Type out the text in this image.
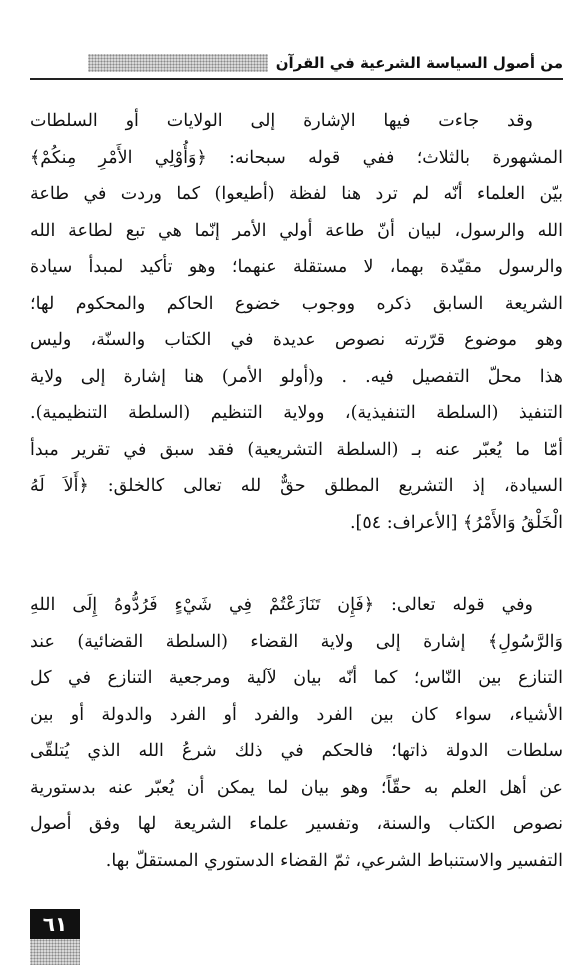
من أصول السياسة الشرعية في القرآن
وقد جاءت فيها الإشارة إلى الولايات أو السلطات
المشهورة بالثلاث؛ ففي قوله سبحانه: ﴿وَأُوْلِي الأَمْرِ مِنكُمْ﴾
بيّن العلماء أنّه لم ترد هنا لفظة (أطيعوا) كما وردت في طاعة
الله والرسول، لبيان أنّ طاعة أولي الأمر إنّما هي تبع لطاعة الله
والرسول مقيّدة بهما، لا مستقلة عنهما؛ وهو تأكيد لمبدأ سيادة
الشريعة السابق ذكره ووجوب خضوع الحاكم والمحكوم لها؛
وهو موضوع قرّرته نصوص عديدة في الكتاب والسنّة، وليس
هذا محلّ التفصيل فيه. . و(أولو الأمر) هنا إشارة إلى ولاية
التنفيذ (السلطة التنفيذية)، وولاية التنظيم (السلطة التنظيمية).
أمّا ما يُعبّر عنه بـ (السلطة التشريعية) فقد سبق في تقرير مبدأ
السيادة، إذ التشريع المطلق حقٌّ لله تعالى كالخلق: ﴿أَلاَ لَهُ
الْخَلْقُ وَالأَمْرُ﴾ [الأعراف: ٥٤].
وفي قوله تعالى: ﴿فَإِن تَنَازَعْتُمْ فِي شَيْءٍ فَرُدُّوهُ إِلَى اللهِ
وَالرَّسُولِ﴾ إشارة إلى ولاية القضاء (السلطة القضائية) عند
التنازع بين النّاس؛ كما أنّه بيان لآلية ومرجعية التنازع في كل
الأشياء، سواء كان بين الفرد والفرد أو الفرد والدولة أو بين
سلطات الدولة ذاتها؛ فالحكم في ذلك شرعُ الله الذي يُتلقّى
عن أهل العلم به حقّاً؛ وهو بيان لما يمكن أن يُعبّر عنه بدستورية
نصوص الكتاب والسنة، وتفسير علماء الشريعة لها وفق أصول
التفسير والاستنباط الشرعي، ثمّ القضاء الدستوري المستقلّ بها.
٦١
